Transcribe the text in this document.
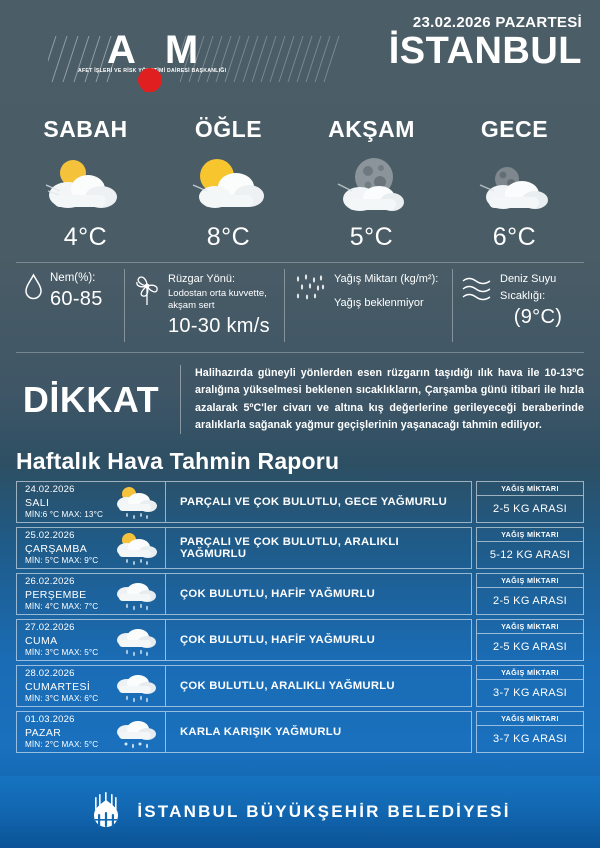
A M
AFET İŞLERİ VE RİSK YÖNETİMİ DAİRESİ BAŞKANLIĞI
23.02.2026 PAZARTESİ
İSTANBUL
SABAH
4°C
ÖĞLE
8°C
AKŞAM
5°C
GECE
6°C
Nem(%):
60-85
Rüzgar Yönü:
Lodostan orta kuvvette, akşam sert
10-30 km/s
Yağış Miktarı (kg/m²):
Yağış beklenmiyor
Deniz Suyu Sıcaklığı:
(9°C)
DİKKAT
Halihazırda güneyli yönlerden esen rüzgarın taşıdığı ılık hava ile 10-13ºC aralığına yükselmesi beklenen sıcaklıkların, Çarşamba günü itibari ile hızla azalarak 5ºC'ler civarı ve altına kış değerlerine gerileyeceği beraberinde aralıklarla sağanak yağmur geçişlerinin yaşanacağı tahmin ediliyor.
Haftalık Hava Tahmin Raporu
24.02.2026
SALI
MİN:6 °C MAX: 13°C
PARÇALI VE ÇOK BULUTLU, GECE YAĞMURLU
YAĞIŞ MİKTARI
2-5 KG ARASI
25.02.2026
ÇARŞAMBA
MİN: 5°C MAX: 9°C
PARÇALI VE ÇOK BULUTLU, ARALIKLI YAĞMURLU
YAĞIŞ MİKTARI
5-12 KG ARASI
26.02.2026
PERŞEMBE
MİN: 4°C MAX: 7°C
ÇOK BULUTLU, HAFİF YAĞMURLU
YAĞIŞ MİKTARI
2-5 KG ARASI
27.02.2026
CUMA
MİN: 3°C MAX: 5°C
ÇOK BULUTLU, HAFİF YAĞMURLU
YAĞIŞ MİKTARI
2-5 KG ARASI
28.02.2026
CUMARTESİ
MİN: 3°C MAX: 6°C
ÇOK BULUTLU, ARALIKLI YAĞMURLU
YAĞIŞ MİKTARI
3-7 KG ARASI
01.03.2026
PAZAR
MİN: 2°C MAX: 5°C
KARLA KARIŞIK YAĞMURLU
YAĞIŞ MİKTARI
3-7 KG ARASI
İSTANBUL BÜYÜKŞEHİR BELEDİYESİ
